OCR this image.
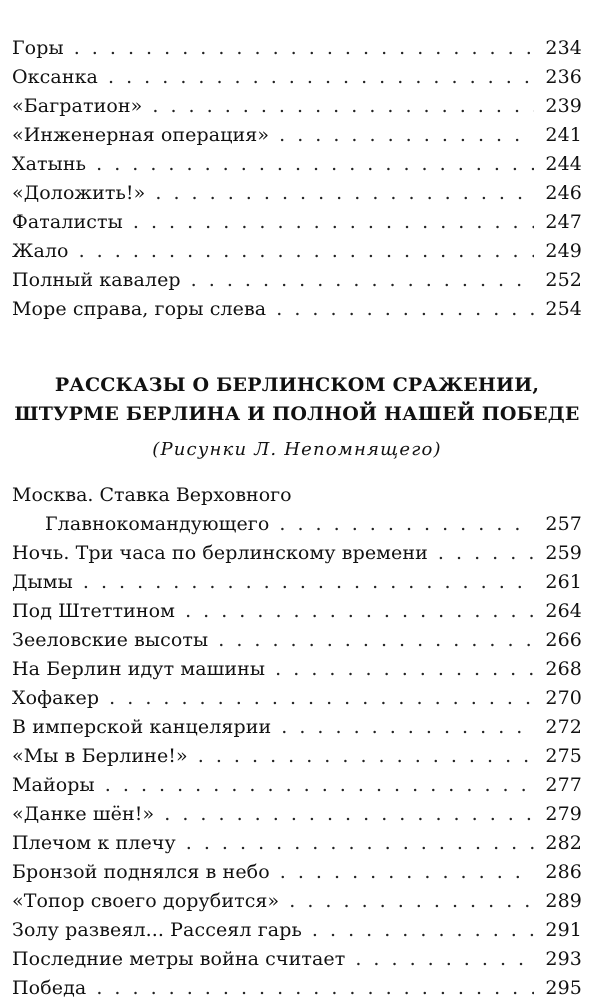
Горы . . .	234
Оксанка . . .	236
«Багратион» . . .	239
«Инженерная операция» . . .	241
Хатынь . . .	244
«Доложить!» . . .	246
Фаталисты . . .	247
Жало . . .	249
Полный кавалер . . .	252
Море справа, горы слева . . .	254
РАССКАЗЫ О БЕРЛИНСКОМ СРАЖЕНИИ,
ШТУРМЕ БЕРЛИНА И ПОЛНОЙ НАШЕЙ ПОБЕДЕ
(Рисунки Л. Непомнящего)
Москва. Ставка Верховного
Главнокомандующего . . .	257
Ночь. Три часа по берлинскому времени . . .	259
Дымы . . .	261
Под Штеттином . . .	264
Зееловские высоты . . .	266
На Берлин идут машины . . .	268
Хофакер . . .	270
В имперской канцелярии . . .	272
«Мы в Берлине!» . . .	275
Майоры . . .	277
«Данке шён!» . . .	279
Плечом к плечу . . .	282
Бронзой поднялся в небо . . .	286
«Топор своего дорубится» . . .	289
Золу развеял... Рассеял гарь . . .	291
Последние метры война считает . . .	293
Победа . . .	295
